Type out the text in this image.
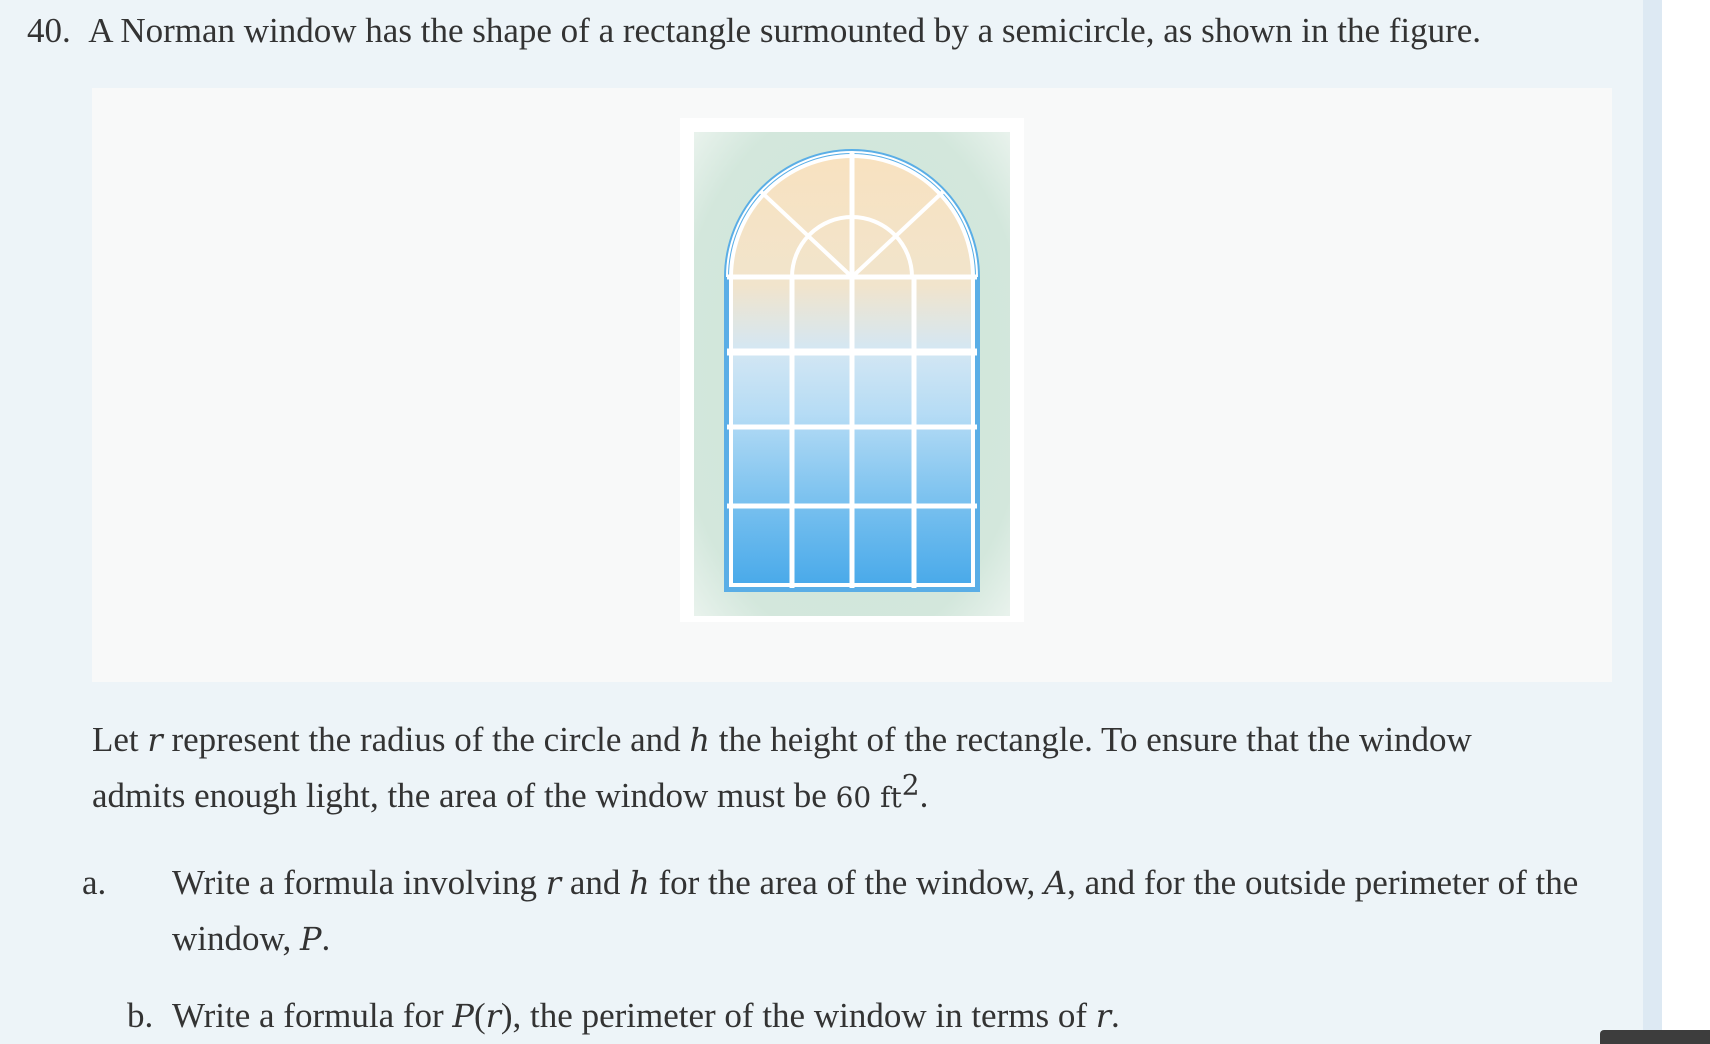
40. A Norman window has the shape of a rectangle surmounted by a semicircle, as shown in the figure.
Let r represent the radius of the circle and h the height of the rectangle. To ensure that the window admits enough light, the area of the window must be 60 $ft^2$.
a. Write a formula involving r and h for the area of the window, A, and for the outside perimeter of the window, P.
b. Write a formula for P(r), the perimeter of the window in terms of r.
